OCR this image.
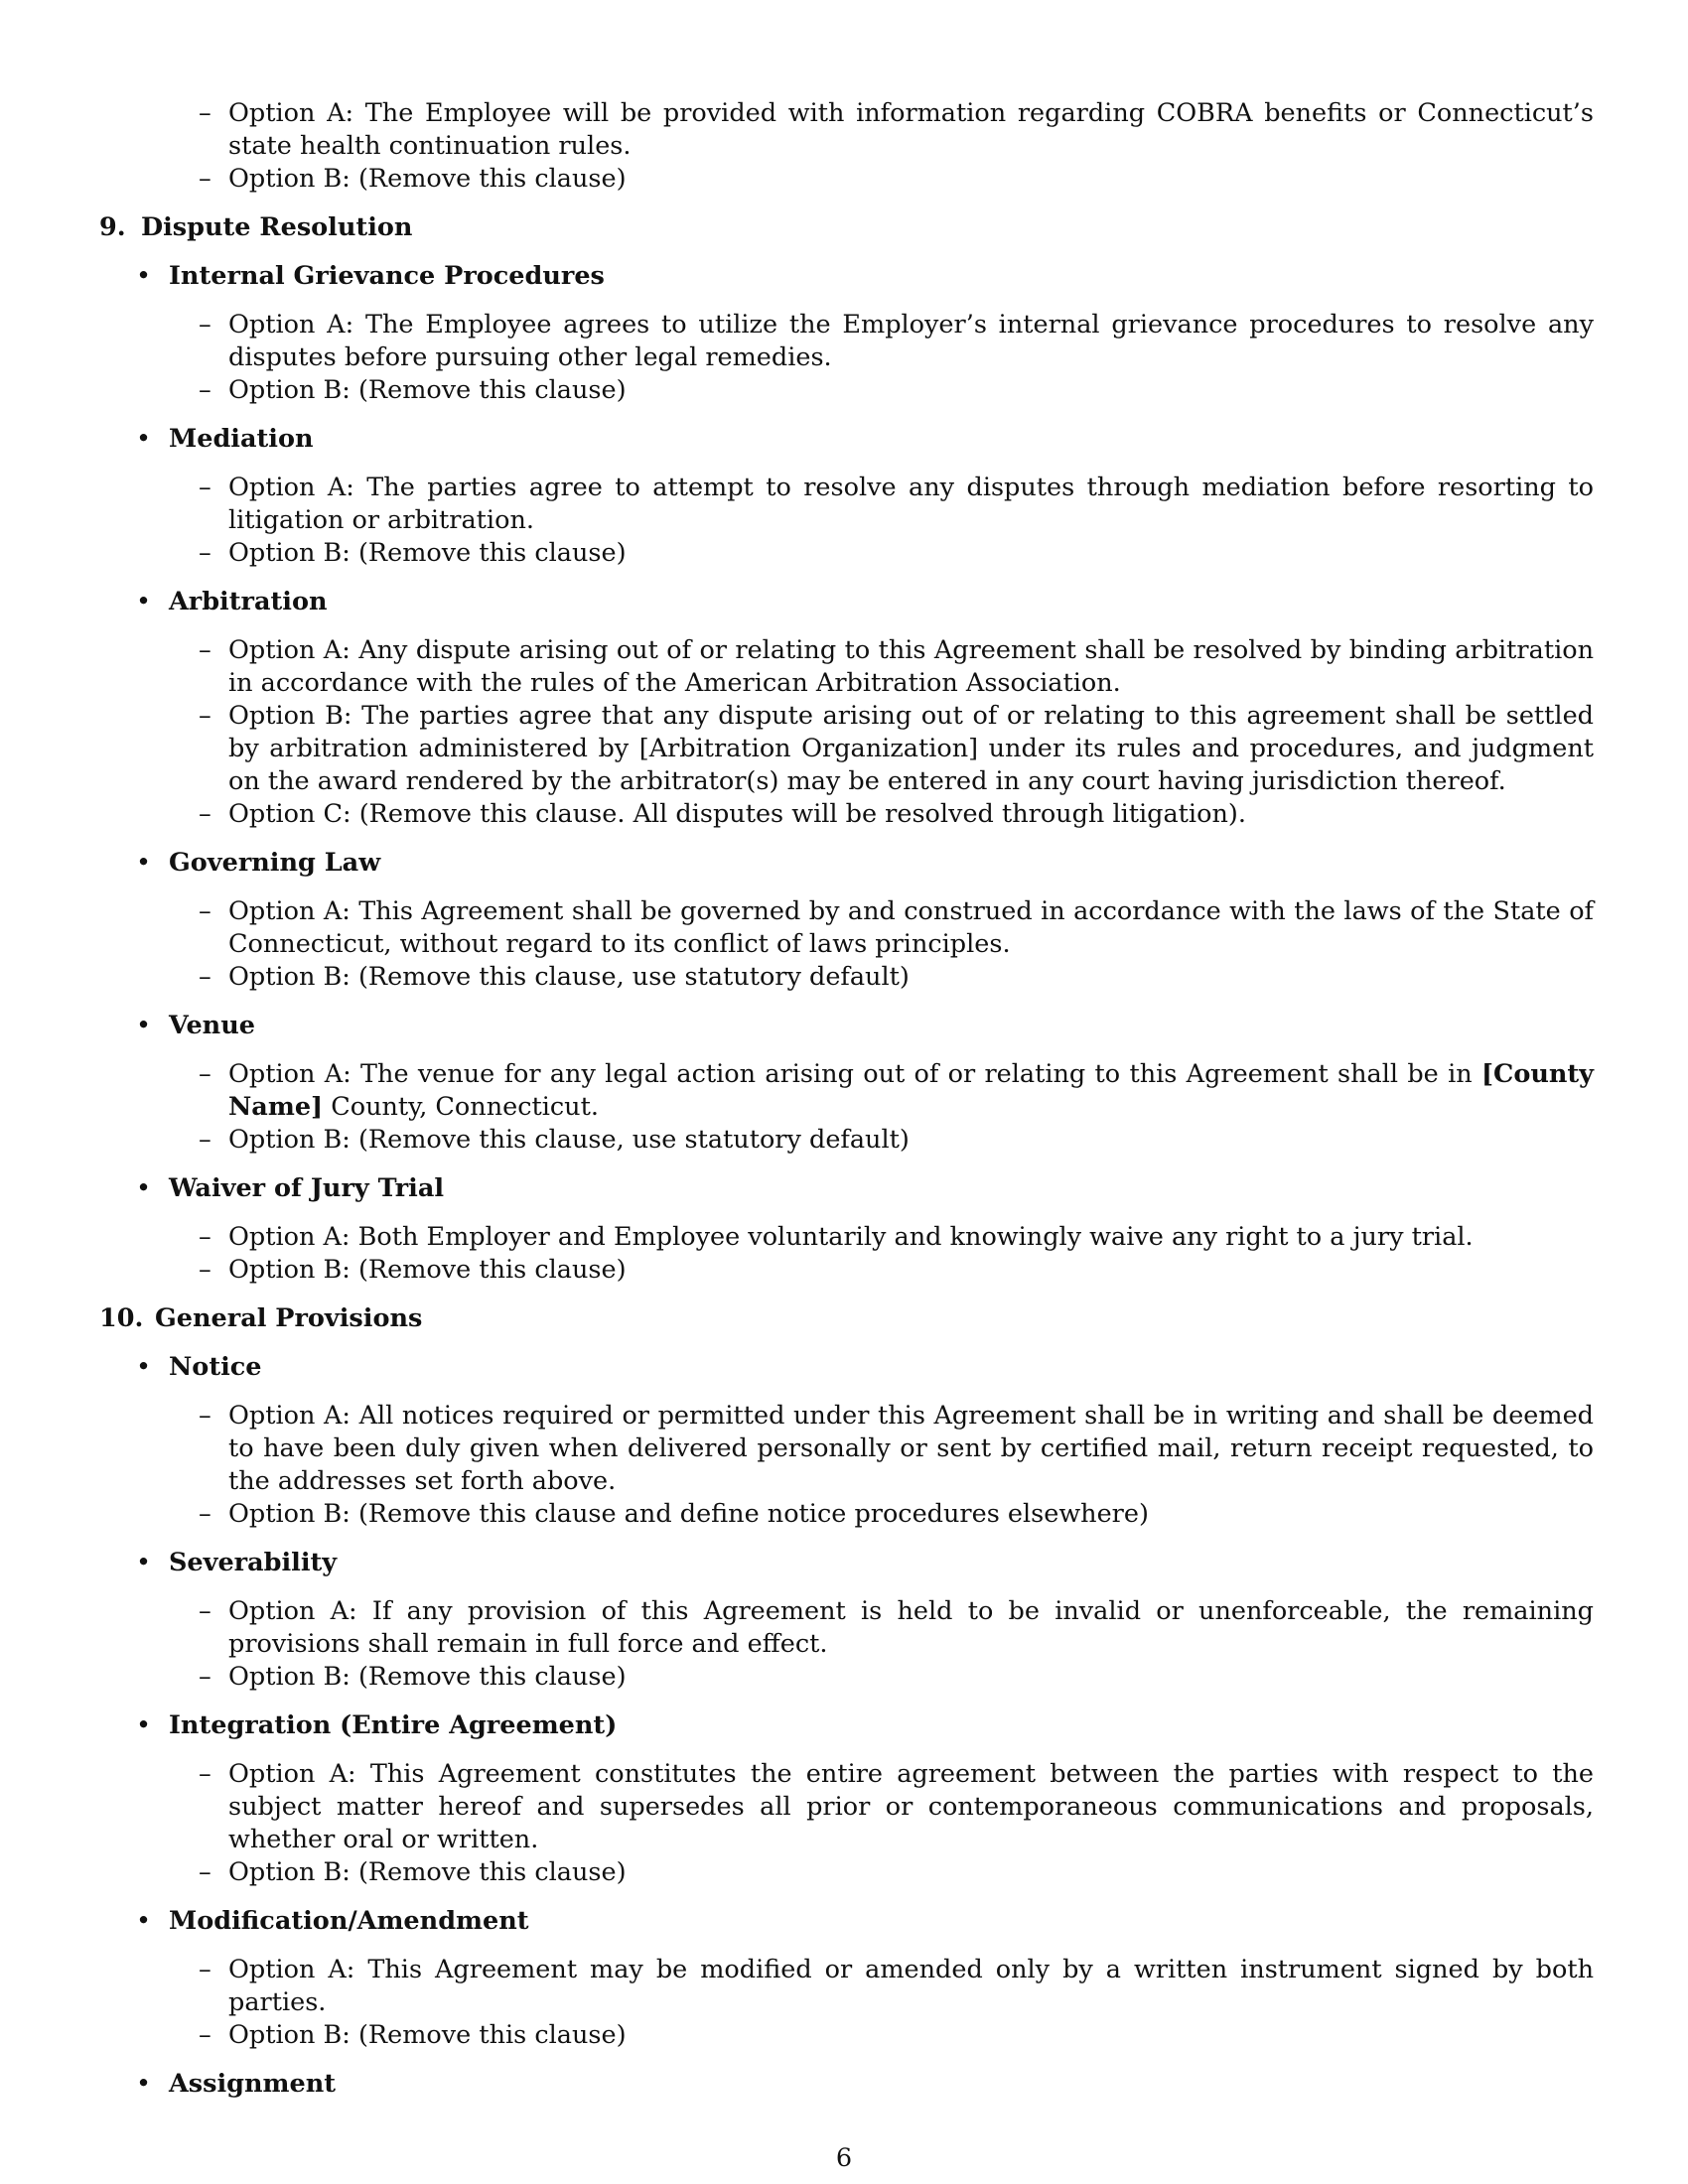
– Option A: The Employee will be provided with information regarding COBRA benefits or Connecticut’s state health continuation rules.
– Option B: (Remove this clause)
9. Dispute Resolution
• Internal Grievance Procedures
– Option A: The Employee agrees to utilize the Employer’s internal grievance procedures to resolve any disputes before pursuing other legal remedies.
– Option B: (Remove this clause)
• Mediation
– Option A: The parties agree to attempt to resolve any disputes through mediation before resorting to litigation or arbitration.
– Option B: (Remove this clause)
• Arbitration
– Option A: Any dispute arising out of or relating to this Agreement shall be resolved by binding arbitration in accordance with the rules of the American Arbitration Association.
– Option B: The parties agree that any dispute arising out of or relating to this agreement shall be settled by arbitration administered by [Arbitration Organization] under its rules and procedures, and judgment on the award rendered by the arbitrator(s) may be entered in any court having jurisdiction thereof.
– Option C: (Remove this clause. All disputes will be resolved through litigation).
• Governing Law
– Option A: This Agreement shall be governed by and construed in accordance with the laws of the State of Connecticut, without regard to its conflict of laws principles.
– Option B: (Remove this clause, use statutory default)
• Venue
– Option A: The venue for any legal action arising out of or relating to this Agreement shall be in [County Name] County, Connecticut.
– Option B: (Remove this clause, use statutory default)
• Waiver of Jury Trial
– Option A: Both Employer and Employee voluntarily and knowingly waive any right to a jury trial.
– Option B: (Remove this clause)
10. General Provisions
• Notice
– Option A: All notices required or permitted under this Agreement shall be in writing and shall be deemed to have been duly given when delivered personally or sent by certified mail, return receipt requested, to the addresses set forth above.
– Option B: (Remove this clause and define notice procedures elsewhere)
• Severability
– Option A: If any provision of this Agreement is held to be invalid or unenforceable, the remaining provisions shall remain in full force and effect.
– Option B: (Remove this clause)
• Integration (Entire Agreement)
– Option A: This Agreement constitutes the entire agreement between the parties with respect to the subject matter hereof and supersedes all prior or contemporaneous communications and proposals, whether oral or written.
– Option B: (Remove this clause)
• Modification/Amendment
– Option A: This Agreement may be modified or amended only by a written instrument signed by both parties.
– Option B: (Remove this clause)
• Assignment
6
